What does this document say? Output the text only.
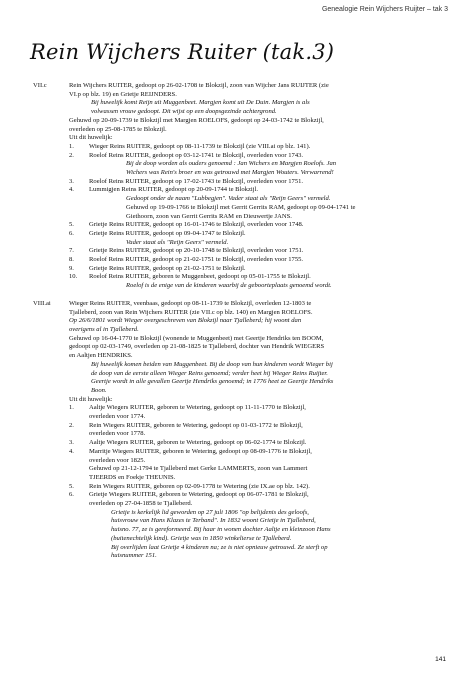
Genealogie Rein Wijchers Ruijter – tak 3
Rein Wijchers Ruiter (tak.3)
VII.c	Rein Wijchers RUITER, gedoopt op 26-02-1708 te Blokzijl, zoon van Wijcher Jans RUIJTER (zie
VI.p op blz. 19) en Grietje REIJNDERS.
Bij huwelijk komt Reijn uit Muggenbeet. Margjen komt uit De Duin. Margjen is als
volwassen vrouw gedoopt. Dit wijst op een doopsgezinde achtergrond.
Gehuwd op 20-09-1739 te Blokzijl met Margjen ROELOFS, gedoopt op 24-03-1742 te Blokzijl,
overleden op 25-08-1785 te Blokzijl.
Uit dit huwelijk:
1.	Wieger Reins RUITER, gedoopt op 08-11-1739 te Blokzijl (zie VIII.ai op blz. 141).
2.	Roelof Reins RUITER, gedoopt op 03-12-1741 te Blokzijl, overleden voor 1743.
Bij de doop worden als ouders genoemd : Jan Wichers en Margjen Roelofs. Jan
Wichers was Rein's broer en was getrouwd met Margjen Wouters. Verwarrend!
3.	Roelof Reins RUITER, gedoopt op 17-02-1743 te Blokzijl, overleden voor 1751.
4.	Lummigjen Reins RUITER, gedoopt op 20-09-1744 te Blokzijl.
Gedoopt onder de naam "Lubbegjen". Vader staat als "Reijn Geers" vermeld.
Gehuwd op 19-09-1766 te Blokzijl met Gerrit Gerrits RAM, gedoopt op 09-04-1741 te
Giethoorn, zoon van Gerrit Gerrits RAM en Dieuwertje JANS.
5.	Grietje Reins RUITER, gedoopt op 16-01-1746 te Blokzijl, overleden voor 1748.
6.	Grietje Reins RUITER, gedoopt op 09-04-1747 te Blokzijl.
Vader staat als "Reijn Geers" vermeld.
7.	Grietje Reins RUITER, gedoopt op 20-10-1748 te Blokzijl, overleden voor 1751.
8.	Roelof Reins RUITER, gedoopt op 21-02-1751 te Blokzijl, overleden voor 1755.
9.	Grietje Reins RUITER, gedoopt op 21-02-1751 te Blokzijl.
10.	Roelof Reins RUITER, geboren te Muggenbeet, gedoopt op 05-01-1755 te Blokzijl.
Roelof is de enige van de kinderen waarbij de geboorteplaats genoemd wordt.
VIII.ai	Wieger Reins RUITER, veenbaas, gedoopt op 08-11-1739 te Blokzijl, overleden 12-1803 te
Tjalleberd, zoon van Rein Wijchers RUITER (zie VII.c op blz. 140) en Margjen ROELOFS.
Op 26/6/1801 wordt Wieger overgeschreven van Blokzijl naar Tjalleberd; hij woont dan
overigens al in Tjalleberd.
Gehuwd op 16-04-1770 te Blokzijl (wonende te Muggenbeet) met Geertje Hendriks ten BOOM,
gedoopt op 02-03-1749, overleden op 21-08-1825 te Tjalleberd, dochter van Hendrik WIEGERS
en Aaltjen HENDRIKS.
Bij huwelijk komen beiden van Muggenbeet. Bij de doop van hun kinderen wordt Wieger bij
de doop van de eerste alleen Wieger Reins genoemd; verder heet hij Wieger Reins Ruijter.
Geertje wordt in alle gevallen Geertje Hendriks genoemd; in 1776 heet ze Geertje Hendriks
Boon.
Uit dit huwelijk:
1.	Aaltje Wiegers RUITER, geboren te Wetering, gedoopt op 11-11-1770 te Blokzijl,
overleden voor 1774.
2.	Rein Wiegers RUITER, geboren te Wetering, gedoopt op 01-03-1772 te Blokzijl,
overleden voor 1778.
3.	Aaltje Wiegers RUITER, geboren te Wetering, gedoopt op 06-02-1774 te Blokzijl.
4.	Marritje Wiegers RUITER, geboren te Wetering, gedoopt op 08-09-1776 te Blokzijl,
overleden voor 1825.
Gehuwd op 21-12-1794 te Tjalleberd met Gerke LAMMERTS, zoon van Lammert
TJEERDS en Foekje THEUNIS.
5.	Rein Wiegers RUITER, geboren op 02-09-1778 te Wetering (zie IX.ae op blz. 142).
6.	Grietje Wiegers RUITER, geboren te Wetering, gedoopt op 06-07-1781 te Blokzijl,
overleden op 27-04-1858 te Tjalleberd.
Grietje is kerkelijk lid geworden op 27 juli 1806 "op belijdenis des geloofs,
huisvrouw van Hans Klazes te Terband". In 1832 woont Grietje in Tjalleberd,
huisno. 77, ze is gereformeerd. Bij haar in wonen dochter Aaltje en kleinzoon Hans
(buitenechtelijk kind). Grietje was in 1850 winkelierse te Tjalleberd.
Bij overlijden laat Grietje 4 kinderen na; ze is niet opnieuw getrouwd. Ze sterft op
huisnummer 151.
141
